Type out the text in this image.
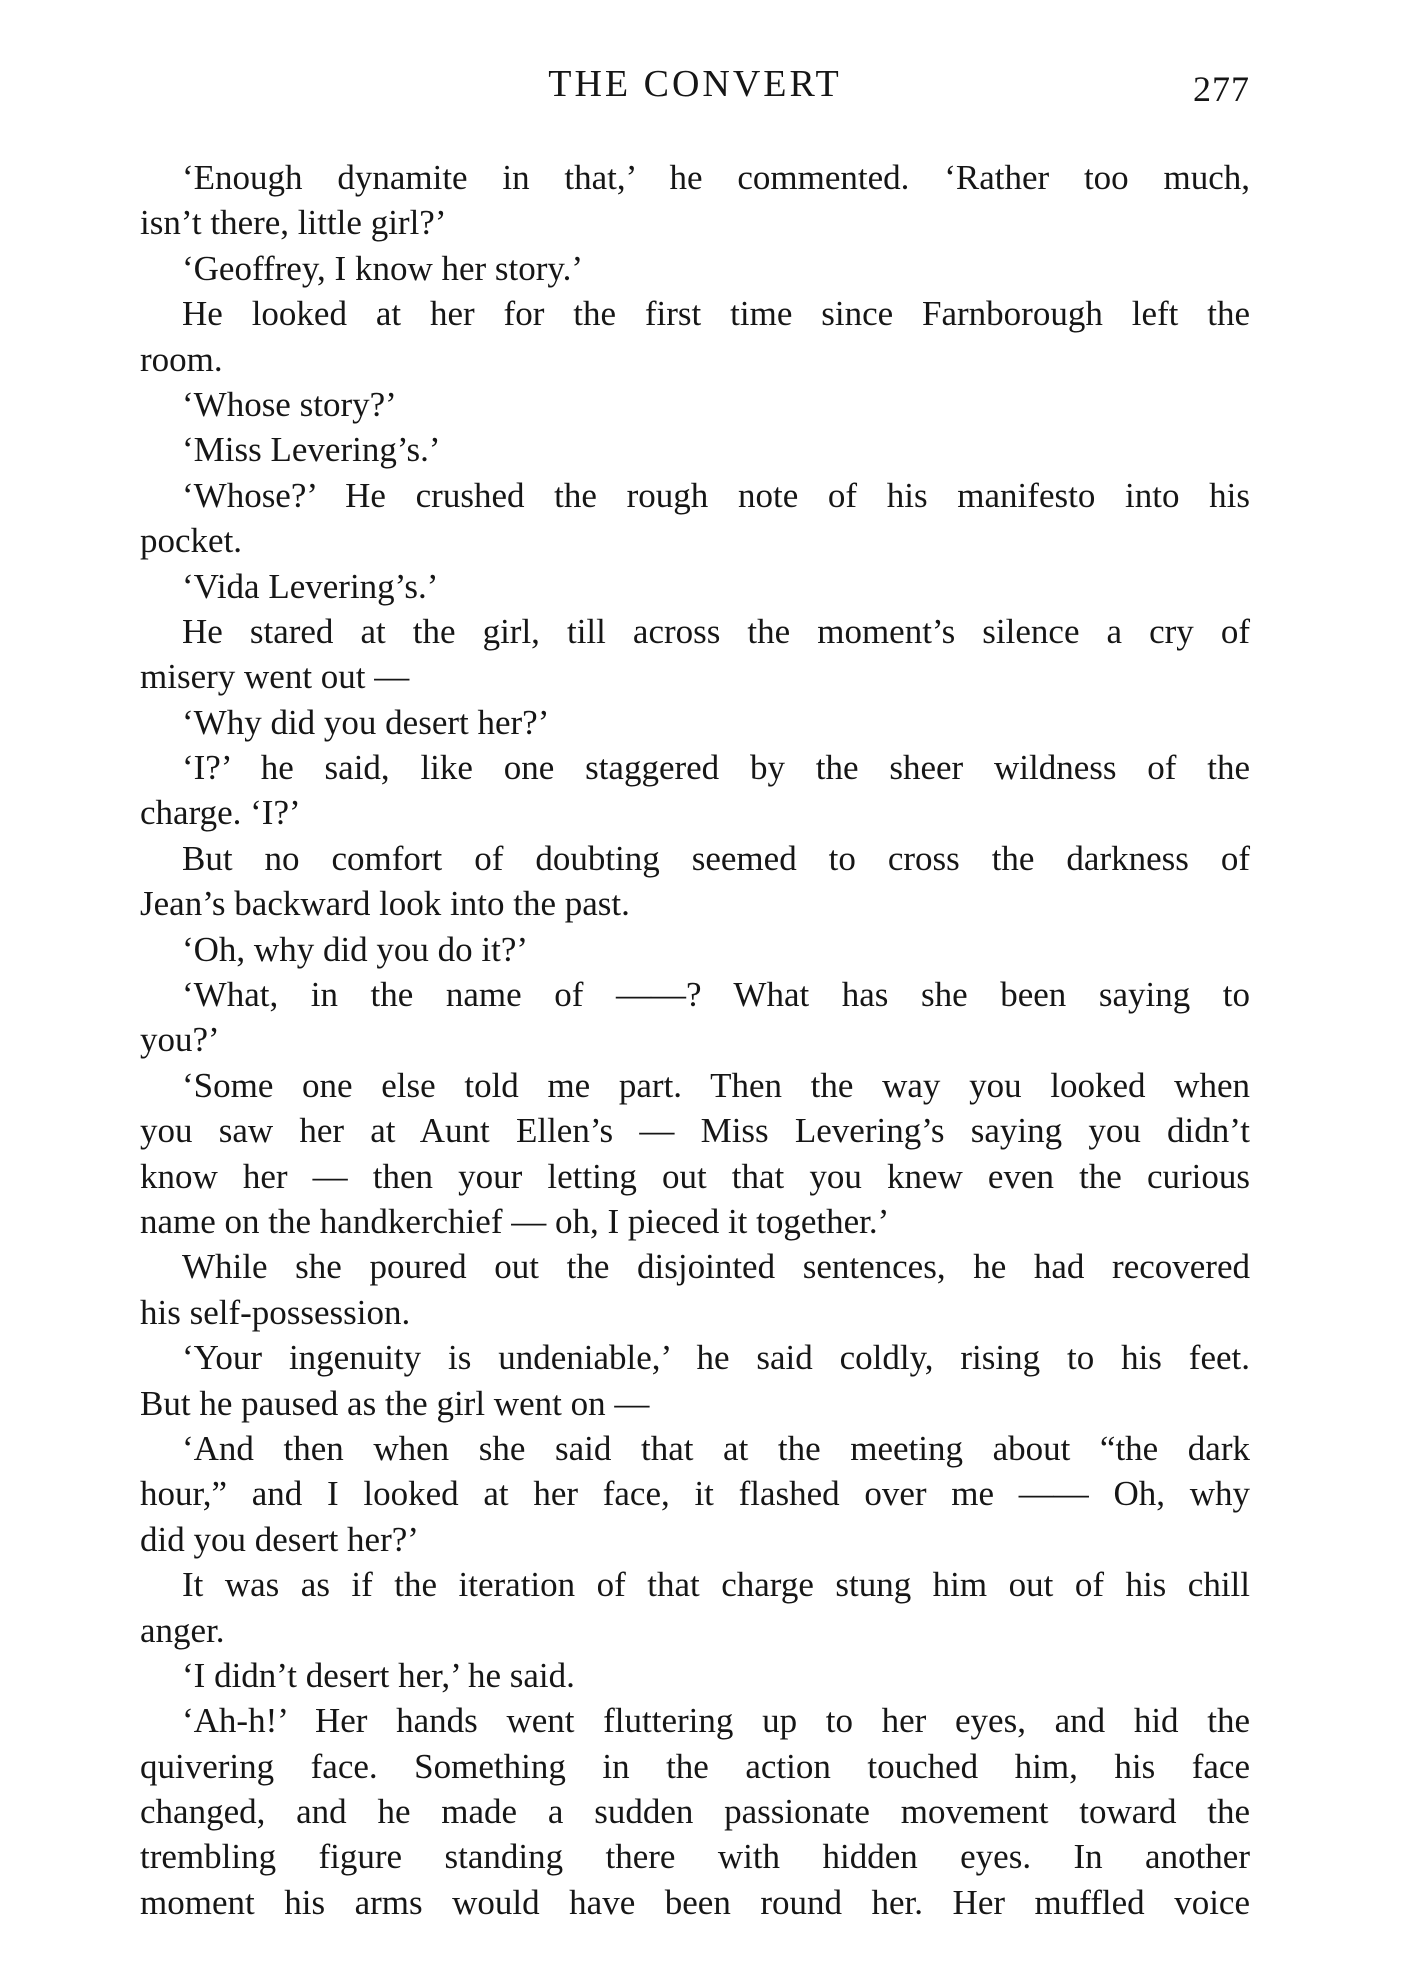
THE CONVERT	277
‘Enough dynamite in that,’ he commented. ‘Rather too much,
isn’t there, little girl?’
‘Geoffrey, I know her story.’
He looked at her for the first time since Farnborough left the
room.
‘Whose story?’
‘Miss Levering’s.’
‘Whose?’ He crushed the rough note of his manifesto into his
pocket.
‘Vida Levering’s.’
He stared at the girl, till across the moment’s silence a cry of
misery went out —
‘Why did you desert her?’
‘I?’ he said, like one staggered by the sheer wildness of the
charge. ‘I?’
But no comfort of doubting seemed to cross the darkness of
Jean’s backward look into the past.
‘Oh, why did you do it?’
‘What, in the name of ——? What has she been saying to
you?’
‘Some one else told me part. Then the way you looked when
you saw her at Aunt Ellen’s — Miss Levering’s saying you didn’t
know her — then your letting out that you knew even the curious
name on the handkerchief — oh, I pieced it together.’
While she poured out the disjointed sentences, he had recovered
his self-possession.
‘Your ingenuity is undeniable,’ he said coldly, rising to his feet.
But he paused as the girl went on —
‘And then when she said that at the meeting about “the dark
hour,” and I looked at her face, it flashed over me —— Oh, why
did you desert her?’
It was as if the iteration of that charge stung him out of his chill
anger.
‘I didn’t desert her,’ he said.
‘Ah-h!’ Her hands went fluttering up to her eyes, and hid the
quivering face. Something in the action touched him, his face
changed, and he made a sudden passionate movement toward the
trembling figure standing there with hidden eyes. In another
moment his arms would have been round her. Her muffled voice
